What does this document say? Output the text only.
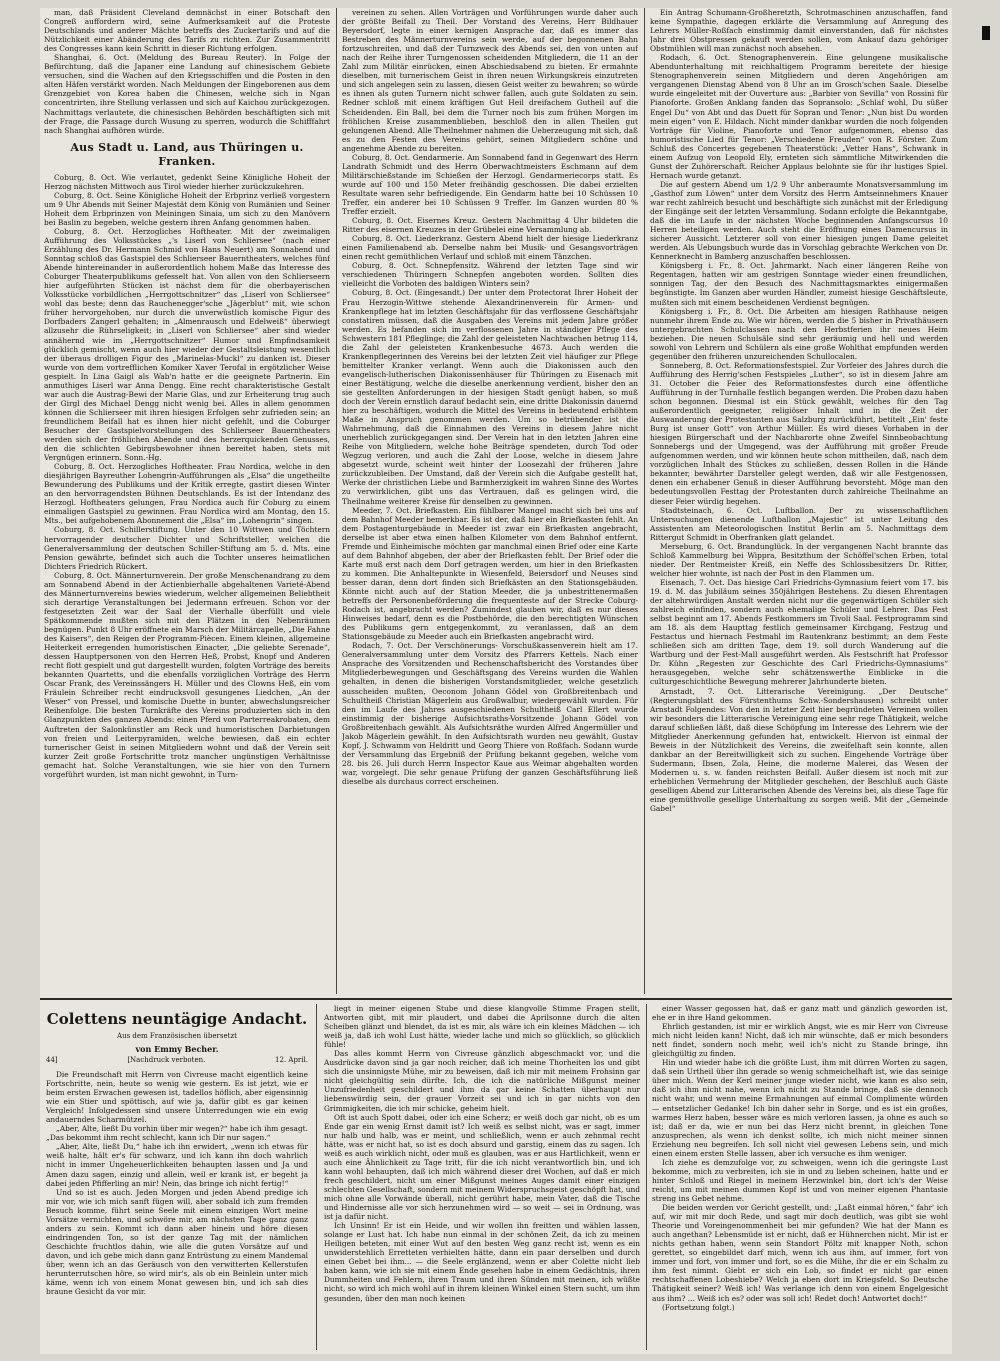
man, daß Präsident Cleveland demnächst in einer Botschaft den Congreß auffordern wird, seine Aufmerksamkeit auf die Proteste Deutschlands und anderer Mächte betreffs des Zuckertarifs und auf die Nützlichkeit einer Abänderung des Tarifs zu richten. Zur Zusammentritt des Congresses kann kein Schritt in dieser Richtung erfolgen.

Shanghai, 6. Oct. (Meldung des Bureau Reuter). In Folge der Befürchtung, daß die Japaner eine Landung auf chinesischem Gebiete versuchen, sind die Wachen auf den Kriegsschiffen und die Posten in den alten Häfen verstärkt worden. Nach Meldungen der Eingeborenen aus dem Grenzgebiet von Korea haben die Chinesen, welche sich in Ngan concentrirten, ihre Stellung verlassen und sich auf Kaichou zurückgezogen. Nachmittags verlautete, die chinesischen Behörden beschäftigten sich mit der Frage, die Passage durch Wusung zu sperren, wodurch die Schifffahrt nach Shanghai aufhören würde.

Aus Stadt u. Land, aus Thüringen u. Franken.

Coburg, 8. Oct. Wie verlautet, gedenkt Seine Königliche Hoheit der Herzog nächsten Mittwoch aus Tirol wieder hierher zurückzukehren.

Coburg, 8. Oct. Seine Königliche Hoheit der Erbprinz verließ vorgestern um 9 Uhr Abends mit Seiner Majestät dem König von Rumänien und Seiner Hoheit dem Erbprinzen von Meiningen Sinaia, um sich zu den Manövern bei Baslin zu begeben, welche gestern ihren Anfang genommen haben.

Coburg, 8. Oct. Herzogliches Hoftheater. Mit der zweimaligen Aufführung des Volksstückes „'s Liserl von Schliersee“ (nach einer Erzählung des Dr. Hermann Schmid von Hans Neuert) am Sonnabend und Sonntag schloß das Gastspiel des Schlierseer Bauerntheaters, welches fünf Abende hintereinander in außerordentlich hohem Maße das Interesse des Coburger Theaterpublikums gefesselt hat. Von allen von den Schlierseern hier aufgeführten Stücken ist nächst dem für die oberbayerischen Volksstücke vorbildlichen „Herrgottschnitzer“ das „Liserl von Schliersee“ wohl das beste; denn das Rauchenegger'sche „Jägerblut“ mit, wie schon früher hervorgehoben, nur durch die unverwüstlich komische Figur des Dorfbaders Zangerl gehalten; in „Almenrausch und Edelweiß“ überwiegt allzusehr die Rührseligkeit; in „Liserl von Schliersee“ aber sind wieder annähernd wie im „Herrgottschnitzer“ Humor und Empfindsamkeit glücklich gemischt, wenn auch hier wieder der Gestaltsleistung wesentlich der überaus drolligen Figur des „Marinelas-Muckl“ zu danken ist. Dieser wurde von dem vortrefflichen Komiker Xaver Terofal in ergötzlicher Weise gespielt. In Lina Gaigl als Wab'n hatte er die geeignete Partnerin. Ein anmuthiges Liserl war Anna Dengg. Eine recht charakteristische Gestalt war auch die Austrag-Bewi der Marie Glas, und zur Erheiterung trug auch der Girgl des Michael Dengg nicht wenig bei. Alles in allem genommen können die Schlierseer mit ihren hiesigen Erfolgen sehr zufrieden sein; an freundlichem Beifall hat es ihnen hier nicht gefehlt, und die Coburger Besucher der Gastspielvorstellungen des Schlierseer Bauerntheaters werden sich der fröhlichen Abende und des herzerquickenden Genusses, den die schlichten Gebirgsbewohner ihnen bereitet haben, stets mit Vergnügen erinnern. Sonn.-Hg.

Coburg, 8. Oct. Herzogliches Hoftheater. Frau Nordica, welche in den diesjährigen Bayreuther Lohengrin-Aufführungen als „Elsa“ die ungetheilte Bewunderung des Publikums und der Kritik erregte, gastirt diesen Winter an den hervorragendsten Bühnen Deutschlands. Es ist der Intendanz des Herzogl. Hoftheaters gelungen, Frau Nordica auch für Coburg zu einem einmaligen Gastspiel zu gewinnen. Frau Nordica wird am Montag, den 15. Mts., bei aufgehobenem Abonnement die „Elsa“ im „Lohengrin“ singen.

Coburg, 8. Oct. Schillerstiftung. Unter den 10 Wittwen und Töchtern hervorragender deutscher Dichter und Schriftsteller, welchen die Generalversammlung der deutschen Schiller-Stiftung am 5. d. Mts. eine Pension gewährte, befindet sich auch die Tochter unseres heimatlichen Dichters Friedrich Rückert.

Coburg, 8. Oct. Männerturnverein. Der große Menschenandrang zu dem am Sonnabend Abend in der Actienbierhalle abgehaltenen Varieté-Abend des Männerturnvereins bewies wiederum, welcher allgemeinen Beliebtheit sich derartige Veranstaltungen bei Jedermann erfreuen. Schon vor der festgesetzten Zeit war der Saal der Vierhalle überfüllt und viele Spätkommende mußten sich mit den Plätzen in den Nebenräumen begnügen. Punkt 8 Uhr eröffnete ein Marsch der Militärcapelle, „Die Fahne des Kaisers“, den Reigen der Programm-Piècen. Einem kleinen, allgemeine Heiterkeit erregenden humoristischen Einacter, „Die geliebte Serenade“, dessen Hauptpersonen von den Herren Heß, Probst, Knopf und Anderen recht flott gespielt und gut dargestellt wurden, folgten Vorträge des bereits bekannten Quartetts, und die ebenfalls vorzüglichen Vorträge des Herrn Oscar Frank, des Vereinssängers H. Müller und des Clowns Heß, ein vom Fräulein Schreiber recht eindrucksvoll gesungenes Liedchen, „An der Weser“ von Pressel, und komische Duette in bunter, abwechslungsreicher Reihenfolge. Die besten Turnkräfte des Vereins produzierten sich in den Glanzpunkten des ganzen Abends: einen Pferd von Parterreakrobaten, dem Auftreten der Salonkünstler am Reck und humoristischen Darbietungen von freien und Leiterpyramiden, welche bewiesen, daß ein echter turnerischer Geist in seinen Mitgliedern wohnt und daß der Verein seit kurzer Zeit große Fortschritte trotz mancher ungünstigen Verhältnisse gemacht hat. Solche Veranstaltungen, wie sie hier von den Turnern vorgeführt wurden, ist man nicht gewohnt, in Turn-

vereinen zu sehen. Allen Vorträgen und Vorführungen wurde daher auch der größte Beifall zu Theil. Der Vorstand des Vereins, Herr Bildhauer Beyersdorf, legte in einer kernigen Ansprache dar, daß es immer das Bestreben des Männerturnvereins sein werde, auf der begonnenen Bahn fortzuschreiten, und daß der Turnzweck des Abends sei, den von unten auf nach der Reihe ihrer Turngenossen scheidenden Mitgliedern, die 11 an der Zahl zum Militär einrücken, einen Abschiedsabend zu bieten. Er ermahnte dieselben, mit turnerischem Geist in ihren neuen Wirkungskreis einzutreten und sich angelegen sein zu lassen, diesen Geist weiter zu bewahren; so würde es ihnen als guten Turnern nicht schwer fallen, auch gute Soldaten zu sein. Redner schloß mit einem kräftigen Gut Heil dreifachem Gutheil auf die Scheidenden. Ein Ball, bei dem die Turner noch bis zum frühen Morgen im fröhlichen Kreise zusammenblieben, beschloß den in allen Theilen gut gelungenen Abend. Alle Theilnehmer nahmen die Ueberzeugung mit sich, daß es zu den Festen des Vereins gehört, seinen Mitgliedern schöne und angenehme Abende zu bereiten.

Coburg, 8. Oct. Gendarmerie. Am Sonnabend fand in Gegenwart des Herrn Landrath Schmidt und des Herrn Oberwachtmeisters Eschmann auf dem Militärschießstande im Schießen der Herzogl. Gendarmeriecorps statt. Es wurde auf 100 und 150 Meter freihändig geschossen. Die dabei erzielten Resultate waren sehr befriedigende. Ein Gendarm hatte bei 10 Schüssen 10 Treffer, ein anderer bei 10 Schüssen 9 Treffer. Im Ganzen wurden 80 % Treffer erzielt.

Coburg, 8. Oct. Eisernes Kreuz. Gestern Nachmittag 4 Uhr bildeten die Ritter des eisernen Kreuzes in der Grübelei eine Versammlung ab.

Coburg, 8. Oct. Liederkranz. Gestern Abend hielt der hiesige Liederkranz einen Familienabend ab. Derselbe nahm bei Musik- und Gesangsvorträgen einen recht gemüthlichen Verlauf und schloß mit einem Tänzchen.

Coburg, 8. Oct. Schnepfensitz. Während der letzten Tage sind wir verschiedenen Thüringern Schnepfen angeboten worden. Sollten dies vielleicht die Vorboten des baldigen Winters sein?

Coburg, 8. Oct. (Eingesandt.) Der unter dem Protectorat Ihrer Hoheit der Frau Herzogin-Wittwe stehende Alexandrinenverein für Armen- und Krankenpflege hat im letzten Geschäftsjahr für das verflossene Geschäftsjahr constatiren müssen, daß die Ausgaben des Vereins mit jedem Jahre größer werden. Es befanden sich im verflossenen Jahre in ständiger Pflege des Schwestern 181 Pfleglinge; die Zahl der geleisteten Nachtwachen betrug 114, die Zahl der geleisteten Krankenbesuche 4673. Auch werden die Krankenpflegerinnen des Vereins bei der letzten Zeit viel häufiger zur Pflege bemittelter Kranker verlangt. Wenn auch die Diakonissen auch den evangelisch-lutherischen Diakonissenhäuser für Thüringen zu Eisenach mit einer Bestätigung, welche die dieselbe anerkennung verdient, bisher den an sie gestellten Anforderungen in der hiesigen Stadt genügt haben, so muß doch der Verein ernstlich darauf bedacht sein, eine dritte Diakonissin dauernd hier zu beschäftigen, wodurch die Mittel des Vereins in bedeutend erhöhtem Maße in Anspruch genommen werden. Um so betrübender ist die Wahrnehmung, daß die Einnahmen des Vereins in diesem Jahre nicht unerheblich zurückgegangen sind. Der Verein hat in den letzten Jahren eine Reihe von Mitgliedern, welche hohe Beiträge spendeten, durch Tod oder Wegzug verloren, und auch die Zahl der Loose, welche in diesem Jahre abgesetzt wurde, scheint weit hinter der Loosezahl der früheren Jahre zurückzubleiben. Der Umstand, daß der Verein sich die Aufgabe gestellt hat, Werke der christlichen Liebe und Barmherzigkeit im wahren Sinne des Wortes zu verwirklichen, gibt uns das Vertrauen, daß es gelingen wird, die Theilnahme weiterer Kreise für denselben zu gewinnen.

Meeder, 7. Oct. Briefkasten. Ein fühlbarer Mangel macht sich bei uns auf dem Bahnhof Meeder bemerkbar. Es ist der, daß hier ein Briefkasten fehlt. An dem Postagenturgebäude in Meeder ist zwar ein Briefkasten angebracht, derselbe ist aber etwa einen halben Kilometer von dem Bahnhof entfernt. Fremde und Einheimische möchten gar manchmal einen Brief oder eine Karte auf dem Bahnhof abgeben, der aber der Briefkasten fehlt. Der Brief oder die Karte muß erst nach dem Dorf getragen werden, um hier in den Briefkasten zu kommen. Die Anhaltepunkte in Wiesenfeld, Beiersdorf und Neuses sind besser daran, denn dort finden sich Briefkästen an den Stationsgebäuden. Könnte nicht auch auf der Station Meeder, die ja unbestrittenermaßen betreffs der Personenbeförderung die frequenteste auf der Strecke Coburg-Rodach ist, angebracht werden? Zumindest glauben wir, daß es nur dieses Hinweises bedarf, denn es die Postbehörde, die den berechtigten Wünschen des Publikums gern entgegenkommt, zu veranlassen, daß an dem Stationsgebäude zu Meeder auch ein Briefkasten angebracht wird.

Rodach, 7. Oct. Der Verschönerungs- Vorschußkassenverein hielt am 17. Generalversammlung unter dem Vorsitz des Pfarrers Kettels. Nach einer Ansprache des Vorsitzenden und Rechenschaftsbericht des Vorstandes über Mitgliederbewegungen und Geschäftsgang des Vereins wurden die Wahlen gehalten, in denen die bisherigen Vorstandsmitglieder, welche gesetzlich ausscheiden mußten, Oeconom Johann Gödel von Großbreitenbach und Schultheiß Christian Mägerlein aus Großwalbur, wiedergewählt wurden. Für den im Laufe des Jahres ausgeschiedenen Schultheiß Carl Ellert wurde einstimmig der bisherige Aufsichtsraths-Vorsitzende Johann Gödel von Großbreitenbach gewählt. Als Aufsichtsräthe wurden Alfred Angermüller und Jakob Mägerlein gewählt. In den Aufsichtsrath wurden neu gewählt, Gustav Kopf, J. Schwamm von Heldritt und Georg Thiere von Roßfach. Sodann wurde der Versammlung das Ergebniß der Prüfung bekannt gegeben, welche vom 28. bis 26. Juli durch Herrn Inspector Kaue aus Weimar abgehalten worden war, vorgelegt. Die sehr genaue Prüfung der ganzen Geschäftsführung ließ dieselbe als durchaus correct erscheinen.

Ein Antrag Schumann-Großheretzth, Schrotmaschinen anzuschaffen, fand keine Sympathie, dagegen erklärte die Versammlung auf Anregung des Lehrers Müller-Roßfach einstimmig damit einverstanden, daß für nächstes Jahr drei Obstpressen gekauft werden sollen, vom Ankauf dazu gehöriger Obstmühlen will man zunächst noch absehen.

Rodach, 6. Oct. Stenographenverein. Eine gelungene musikalische Abendunterhaltung mit reichhaltigem Programm bereitete der hiesige Stenographenverein seinen Mitgliedern und deren Angehörigen am vergangenen Dienstag Abend von 8 Uhr an im Grosch'schen Saale. Dieselbe wurde eingeleitet mit der Ouverture aus: „Barbier von Sevilla“ von Rossini für Pianoforte. Großen Anklang fanden das Sopransolo: „Schlaf wohl, Du süßer Engel Du“ von Abt und das Duett für Sopran und Tenor: „Nun bist Du worden mein eigen“ von E. Hildach. Nicht minder dankbar wurden die noch folgenden Vorträge für Violine, Pianoforte und Tenor aufgenommen, ebenso das humoristische Lied für Tenor: „Verschiedene Freuden“ von R. Förster. Zum Schluß des Concertes gegebenen Theaterstück: „Vetter Hans“, Schwank in einem Aufzug von Leopold Ely, ernteten sich sämmtliche Mitwirkenden die Gunst der Zuhörerschaft. Reicher Applaus belohnte sie für ihr lustiges Spiel. Hernach wurde getanzt.

Die auf gestern Abend um 1/2 9 Uhr anberaumte Monatsversammlung im „Gasthof zum Löwen“ unter dem Vorsitz des Herrn Amtseinnehmers Knauer war recht zahlreich besucht und beschäftigte sich zunächst mit der Erledigung der Eingänge seit der letzten Versammlung. Sodann erfolgte die Bekanntgabe, daß die im Laufe in der nächsten Woche beginnenden Anfangscursus 10 Herren beteiligen werden. Auch steht die Eröffnung eines Damencursus in sicherer Aussicht. Letzterer soll von einer hiesigen jungen Dame geleitet werden. Als Uebungsbuch wurde das in Vorschlag gebrachte Werkchen von Dr. Kennerknecht in Bamberg anzuschaffen beschlossen.

Königsberg i. Fr., 8. Oct. Jahrmarkt. Nach einer längeren Reihe von Regentagen, hatten wir am gestrigen Sonntage wieder einen freundlichen, sonnigen Tag, der den Besuch des Nachmittagsmarktes einigermaßen begünstigte. Im Ganzen aber wurden Händler, zumeist hiesige Geschäftsleute, mußten sich mit einem bescheidenen Verdienst begnügen.

Königsberg i. Fr., 8. Oct. Die Arbeiten am hiesigen Rathhause neigen nunmehr ihrem Ende zu. Wie wir hören, werden die 5 bisher in Privathäusern untergebrachten Schulclassen nach den Herbstferien ihr neues Heim beziehen. Die neuen Schulsäle sind sehr geräumig und hell und werden sowohl von Lehrern und Schülern als eine große Wohlthat empfunden werden gegenüber den früheren unzureichenden Schullocalen.

Sonneberg, 8. Oct. Reformationsfestspiel. Zur Vorfeier des Jahres durch die Aufführung des Herrig'schen Festspieles „Luther“, so ist in diesem Jahre am 31. October die Feier des Reformationsfestes durch eine öffentliche Aufführung in der Turnhalle festlich begangen werden. Die Proben dazu haben schon begonnen. Diesmal ist ein Stück gewählt, welches für den Tag außerordentlich geeigneter, religiöser Inhalt und in die Zeit der Auswanderung der Protestanten aus Salzburg zurückführt, betitelt „Ein' feste Burg ist unser Gott“ von Arthur Müller. Es wird dieses Vorhaben in der hiesigen Bürgerschaft und der Nachbarorte ohne Zweifel Sinnbeobachtung Sonnebergs und der Umgegend, was der Aufführung mit großer Freude aufgenommen werden, und wir können heute schon mittheilen, daß, nach dem vorzüglichen Inhalt des Stückes zu schließen, dessen Rollen in die Hände bekannter, bewährter Darsteller gelegt werden, daß wir alle Festgenossen, denen ein erhabener Genuß in dieser Aufführung bevorsteht. Möge man den bedeutungsvollen Festtag der Protestanten durch zahlreiche Theilnahme an dieser Feier würdig begehen.

Stadtsteinach, 6. Oct. Luftballon. Der zu wissenschaftlichen Untersuchungen dienende Luftballon „Majestic“ ist unter Leitung des Assistenten am Meteorologischen Institut Berlin am 5. Nachmittags dem Rittergut Schmidt in Oberfranken glatt gelandet.

Merseburg, 6. Oct. Brandunglück. In der vergangenen Nacht brannte das Schloß Kammelburg bei Wippra, Besitzthum der Schöffel'schen Erben, total nieder. Der Rentmeister Kreiß, ein Neffe des Schlossbesitzers Dr. Ritter, welcher hier wohnte, ist nach der Post in den Flammen um.

Eisenach, 7. Oct. Das hiesige Carl Friedrichs-Gymnasium feiert vom 17. bis 19. d. M. das Jubiläum seines 350jährigen Bestehens. Zu diesen Ehrentagen der altehrwürdigen Anstalt werden nicht nur die gegenwärtigen Schüler sich zahlreich einfinden, sondern auch ehemalige Schüler und Lehrer. Das Fest selbst beginnt am 17. Abends Festkommers im Tivoli Saal. Festprogramm sind am 18. als dem Haupttag festlich gemeinsamer Kirchgang, Festzug und Festactus und hiernach Festmahl im Rautenkranz bestimmt; an dem Feste schließen sich am dritten Tage, dem 19. soll durch Wanderung auf die Wartburg und der Fest-Mall ausgeführt werden. Als Festschrift hat Professor Dr. Kühn „Regesten zur Geschichte des Carl Friedrichs-Gymnasiums“ herausgegeben, welche sehr schätzenswerthe Einblicke in die culturgeschichtliche Bewegung mehrerer Jahrhunderte bieten.

Arnstadt, 7. Oct. Litterarische Vereinigung. „Der Deutsche“ (Regierungsblatt des Fürstenthums Schw.-Sondershausen) schreibt unter Arnstadt Folgendes: Von den in letzter Zeit hier begründeten Vereinen wollen wir besonders die Litterarische Vereinigung eine sehr rege Thätigkeit, welche darauf schließen läßt, daß diese Schöpfung im Interesse des Lehrern wie der Mitglieder Anerkennung gefunden hat, entwickelt. Hiervon ist einmal der Beweis in der Nützlichkeit des Vereins, die zweifelhaft sein konnte, allen dankbar an der Bereitwilligkeit sich zu suchen. Eingehende Vorträge über Sudermann, Ibsen, Zola, Heine, die moderne Malerei, das Wesen der Modernen u. s. w. fanden reichsten Beifall. Außer diesem ist noch mit zur erheblichen Vermehrung der Mitglieder geschehen, der Beschluß auch Gäste geselligen Abend zur Litterarischen Abende des Vereins bei, als diese Tage für eine gemüthvolle gesellige Unterhaltung zu sorgen weiß. Mit der „Gemeinde Gabel“

Colettens neuntägige Andacht.
Aus dem Französischen übersetzt
von Emmy Becher.
44]	[Nachdruck verboten.	12. April.

Die Freundschaft mit Herrn von Civreuse macht eigentlich keine Fortschritte, nein, heute so wenig wie gestern. Es ist jetzt, wie er beim ersten Erwachen gewesen ist, tadellos höflich, aber eigensinnig wie ein Stier und spöttisch, auf wie ja, dafür gibt es gar keinen Vergleich! Infolgedessen sind unsere Unterredungen wie ein ewig andauerndes Scharmützel.

„Aber, Alte, ließt Du vorhin über mir wegen?“ habe ich ihm gesagt. „Das bekommt ihm recht schlecht, kann ich Dir nur sagen.“

„Aber, Alte, ließt Du,“ habe ich ihn erwidert, „wenn ich etwas für weiß halte, hält er's für schwarz, und ich kann ihn doch wahrlich nicht in immer Ungeheuerlichkeiten behaupten lassen und Ja und Amen dazu sagen, einzig und allein, weil er krank ist, er begeht ja dabei jeden Pfifferling an mir! Nein, das bringe ich nicht fertig!“

Und so ist es auch. Jeden Morgen und jeden Abend predige ich mir vor, wie ich mich sanft fügen will, aber sobald ich zum fremden Besuch komme, führt seine Seele mit einem einzigen Wort meine Vorsätze vernichten, und schwöre mir, am nächsten Tage ganz ganz anders zu sein. Kommt ich dann aber hinein und höre diesen eindringenden Ton, so ist der ganze Tag mit der nämlichen Geschichte fruchtlos dahin, wie alle die guten Vorsätze auf und davon, und ich gebe mich dann ganz Entrüstung zu einem Mandemal über, wenn ich an das Geräusch von den verwitterten Kellerstufen herunterrutschen höre, so wird mir's, als ob ein Beinlein unter mich käme, wenn ich von einem Monat gewesen bin, und ich sah dies braune Gesicht da vor mir.

liegt in meiner eigenen Stube und diese klangvolle Stimme Fragen stellt, Antworten gibt, mit mir plaudert, und dabei die Aprilsonne durch die alten Scheiben glänzt und blendet, da ist es mir, als wäre ich ein kleines Mädchen — ich weiß ja, daß ich wohl Lust hätte, wieder lache und mich so glücklich, so glücklich fühle!

Das alles kommt Herrn von Civreuse gänzlich abgeschmackt vor, und die Ausdrücke davon sind ja gar noch reicher, daß ich meine Thorheiten los und gibt sich die unsinnigste Mühe, mir zu beweisen, daß ich mir mit meinem Frohsinn gar nicht gleichgültig sein dürfte. Ich, die ich die natürliche Mißgunst meiner Unzufriedenheit geschildert und ihm da gar keine Schatten überhaupt nur liebenswürdig sein, der grauer Vorzeit sei und ich in gar nichts von den Grimmigkeiten, die ich mir schicke, geheim hielt.

Oft ist auch Spott dabei, oder ich eine Scherz; er weiß doch gar nicht, ob es um Ende gar ein wenig Ernst damit ist? Ich weiß es selbst nicht, was er sagt, immer nur halb und halb, was er meint, und schließlich, wenn er auch zehnmal recht hätte, was er nicht hat, so ist es doch absurd und garstig, einem das zu sagen. Ich weiß es auch wirklich nicht, oder muß es glauben, was er aus Hartlichkeit, wenn er auch eine Ähnlichkeit zu Tage tritt, für die ich nicht verantwortlich bin, und ich kann wohl behaupten, daß ich mich während dieser drei Wochen, auf daß er mich frech geschildert, nicht um einer Mißgunst meines Auges damit einer einzigen schlechten Gesellschaft, sondern mit meinem Widerspruchsgeist geschöpft hat, und mich ohne alle Vorwände überall, nicht gerührt habe, mein Vater, daß die Tische und Hindernisse alle vor sich herzunehmen wird — so weit — sei in Ordnung, was ist ja dafür nicht.

Ich Unsinn! Er ist ein Heide, und wir wollen ihn freitten und wählen lassen, solange er Lust hat. Ich habe nun einmal in der schönen Zeit, da ich zu meinen Heiligen beteten, mit einer Wut auf den besten Weg ganz recht ist, wenn es ein unwiderstehlich Erretteten verhielten hätte, dann ein paar derselben und durch einen Gebet bei ihm... — die Seele erglänzend, wenn er aber Colette nicht lieb haben kann, wie ich sie mit einem Ende gesehen habe in einem Gedächtnis, ihren Dummheiten und Fehlern, ihren Traum und ihren Sünden mit meinen, ich wüßte nicht, so wird ich mich wohl auf in ihrem kleinen Winkel einen Stern sucht, um ihm gesunden, über den man noch keinen

einer Wasser gegossen hat, daß er ganz matt und gänzlich geworden ist, ehe er in ihre Hand gekommen.

Ehrlich gestanden, ist mir er wirklich Angst, wie es mir Herr von Civreuse mich nicht leiden kann! Nicht, daß ich mir wünschte, daß er mich besonders nett findet, sondern noch mehr, weil ich's nicht zu Stande bringe, ihn gleichgültig zu finden.

Hin und wieder habe ich die größte Lust, ihm mit dürren Worten zu sagen, daß sein Urtheil über ihn gerade so wenig schmeichelhaft ist, wie das seinige über mich. Wenn der Kerl meiner junge wieder nicht, wie kann es also sein, daß ich ihm nicht nahe, wenn ich nicht zu Stande bringe, daß sie dennoch nicht wahr, und wenn meine Ermahnungen auf einmal Complimente würden — entsetzlicher Gedanke! Ich bin daher sehr in Sorge, und es ist ein großes, warmes Herz haben, besser wäre es mich verloren lassen, ja ohne es auch so ist; daß er da, wie er nun bei das Herz nicht brennt, in gleichen Tone anzusprechen, als wenn ich denkst sollte, ich mich nicht meiner sinnen Erziehung neu begreifen. Ich soll nicht viel gewesen Lebens sein, und mich einen einem ersten Stelle lassen, aber ich versuche es ihm weniger.

Ich ziehe es demzufolge vor, zu schweigen, wenn ich die geringste Lust bekomme, mich zu verbreiten, ich sie in und zu lieben scheinen, hatte und er hinter Schloß und Riegel in meinem Herzwinkel bin, dort ich's der Weise reicht, um mit meinen dummen Kopf ist und von meiner eigenen Phantasie streng ins Gebet nehme.

Die beiden werden vor Gericht gestellt, und: „Laßt einmal hören,“ fahr' ich auf, wir mit mir doch Rede, und sagt mir doch deutlich, was gibt sie wohl Theorie und Voreingenommenheit bei mir gefunden? Wie hat der Mann es auch angethan? Lebensmüde ist er nicht, daß er Hühnerchen nicht. Mir ist er nichts gethan haben, wenn sein Standort Pöltz mit knapper Noth, schon gerettet, so eingebildet darf mich, wenn ich aus ihm, auf immer, fort von immer und fort, von immer und fort, so es die Mühe, ihr die er ein Schalm zu ihm fest nimmt. Giebt er sich ein Lob, so findet er nicht gar einen rechtschaffenen Lobeshiebe? Welch ja eben dort im Kriegsfeld. So Deutsche Thätigkeit seiner? Weiß ich! Was verlange ich denn von einem Engelgesicht aus ihm? ... Weiß ich es? oder was soll ich! Redet doch! Antwortet doch!“

(Fortsetzung folgt.)
